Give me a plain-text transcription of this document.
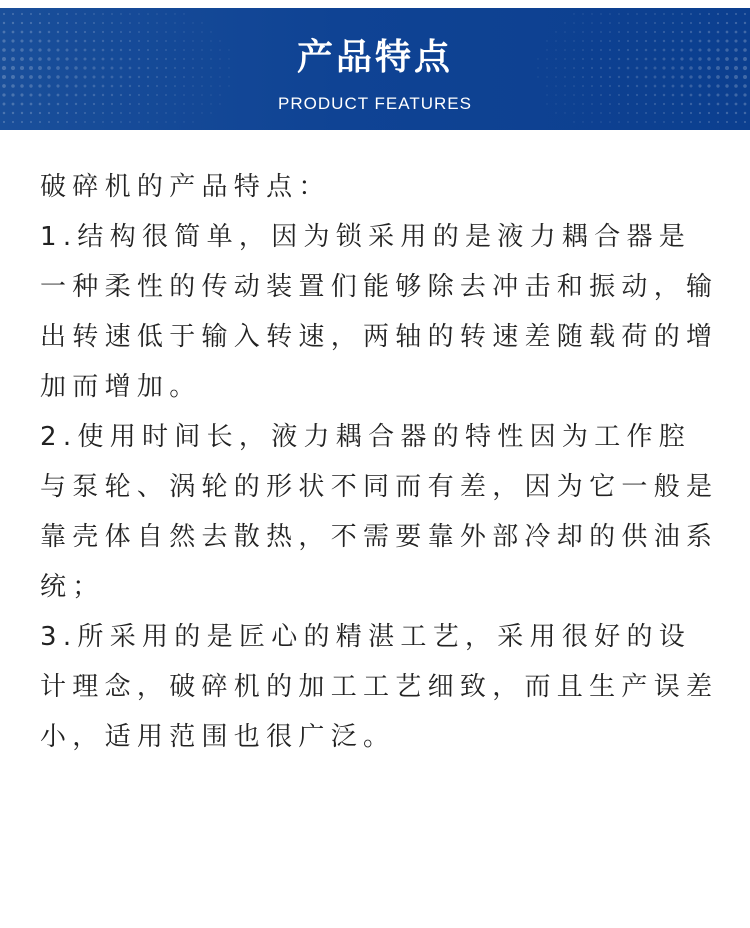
产品特点
PRODUCT FEATURES

破碎机的产品特点：

1.结构很简单，因为锁采用的是液力耦合器是一种柔性的传动装置们能够除去冲击和振动，输出转速低于输入转速，两轴的转速差随载荷的增加而增加。

2.使用时间长，液力耦合器的特性因为工作腔与泵轮、涡轮的形状不同而有差，因为它一般是靠壳体自然去散热，不需要靠外部冷却的供油系统；

3.所采用的是匠心的精湛工艺，采用很好的设计理念，破碎机的加工工艺细致，而且生产误差小，适用范围也很广泛。
